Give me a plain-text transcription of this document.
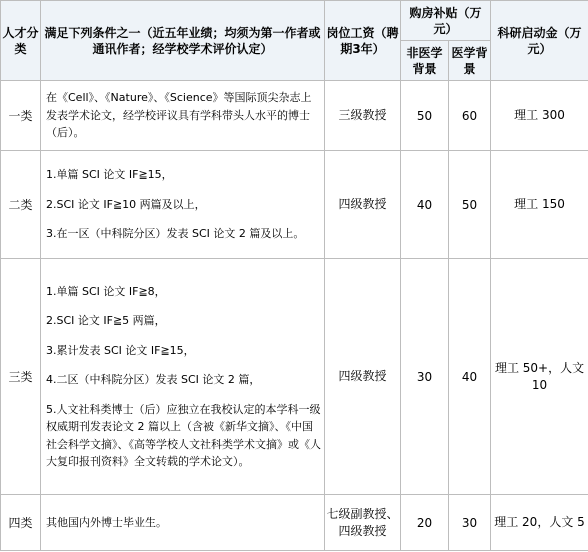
人才分类	满足下列条件之一（近五年业绩；均须为第一作者或通讯作者；经学校学术评价认定）	岗位工资（聘期3年）	购房补贴（万元）		科研启动金（万元）
			非医学背景	医学背景	
一类	在《Cell》、《Nature》、《Science》等国际顶尖杂志上发表学术论文，经学校评议具有学科带头人水平的博士（后）。	三级教授	50	60	理工 300
二类	1.单篇 SCI 论文 IF≧15，

2.SCI 论文 IF≧10 两篇及以上，

3.在一区（中科院分区）发表 SCI 论文 2 篇及以上。	四级教授	40	50	理工 150
三类	1.单篇 SCI 论文 IF≧8，

2.SCI 论文 IF≧5 两篇，

3.累计发表 SCI 论文 IF≧15，

4.二区（中科院分区）发表 SCI 论文 2 篇，

5.人文社科类博士（后）应独立在我校认定的本学科一级权威期刊发表论文 2 篇以上（含被《新华文摘》、《中国社会科学文摘》、《高等学校人文社科类学术文摘》或《人大复印报刊资料》全文转载的学术论文）。	四级教授	30	40	理工 50+，人文 10
四类	其他国内外博士毕业生。	七级副教授、四级教授	20	30	理工 20，人文 5
